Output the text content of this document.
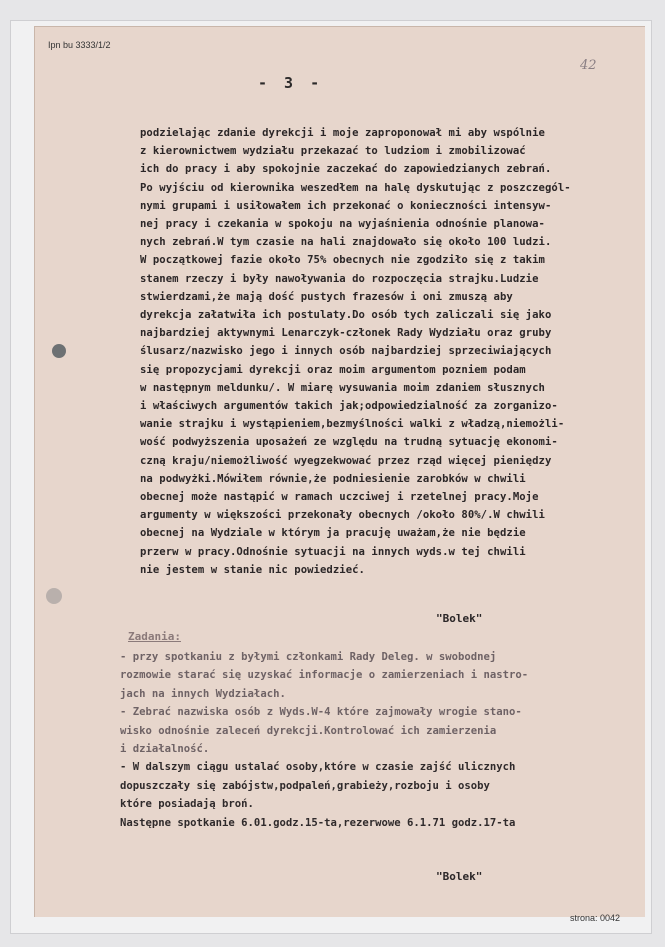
Ipn bu 3333/1/2
- 3 -
42
podzielając zdanie dyrekcji i moje zaproponował mi aby wspólnie
z kierownictwem wydziału przekazać to ludziom i zmobilizować
ich do pracy i aby spokojnie zaczekać do zapowiedzianych zebrań.
Po wyjściu od kierownika weszedłem na halę dyskutując z poszczegól-
nymi grupami i usiłowałem ich przekonać o konieczności intensyw-
nej pracy i czekania w spokoju na wyjaśnienia odnośnie planowa-
nych zebrań.W tym czasie na hali znajdowało się około 100 ludzi.
W początkowej fazie około 75% obecnych nie zgodziło się z takim
stanem rzeczy i były nawoływania do rozpoczęcia strajku.Ludzie
stwierdzami,że mają dość pustych frazesów i oni zmuszą aby
dyrekcja załatwiła ich postulaty.Do osób tych zaliczali się jako
najbardziej aktywnymi Lenarczyk-członek Rady Wydziału oraz gruby
ślusarz/nazwisko jego i innych osób najbardziej sprzeciwiających
się propozycjami dyrekcji oraz moim argumentom pozniem podam
w następnym meldunku/. W miarę wysuwania moim zdaniem słusznych
i właściwych argumentów takich jak;odpowiedzialność za zorganizo-
wanie strajku i wystąpieniem,bezmyślności walki z władzą,niemożli-
wość podwyższenia uposażeń ze względu na trudną sytuację ekonomi-
czną kraju/niemożliwość wyegzekwować przez rząd więcej pieniędzy
na podwyżki.Mówiłem równie,że podniesienie zarobków w chwili
obecnej może nastąpić w ramach uczciwej i rzetelnej pracy.Moje
argumenty w większości przekonały obecnych /około 80%/.W chwili
obecnej na Wydziale w którym ja pracuję uważam,że nie będzie
przerw w pracy.Odnośnie sytuacji na innych wyds.w tej chwili
nie jestem w stanie nic powiedzieć.
"Bolek"
Zadania:
- przy spotkaniu z byłymi członkami Rady Deleg. w swobodnej
rozmowie starać się uzyskać informacje o zamierzeniach i nastro-
jach na innych Wydziałach.
- Zebrać nazwiska osób z Wyds.W-4 które zajmowały wrogie stano-
wisko odnośnie zaleceń dyrekcji.Kontrolować ich zamierzenia
i działalność.
- W dalszym ciągu ustalać osoby,które w czasie zajść ulicznych
dopuszczały się zabójstw,podpaleń,grabieży,rozboju i osoby
które posiadają broń.
Następne spotkanie 6.01.godz.15-ta,rezerwowe 6.1.71 godz.17-ta
"Bolek"
strona: 0042
